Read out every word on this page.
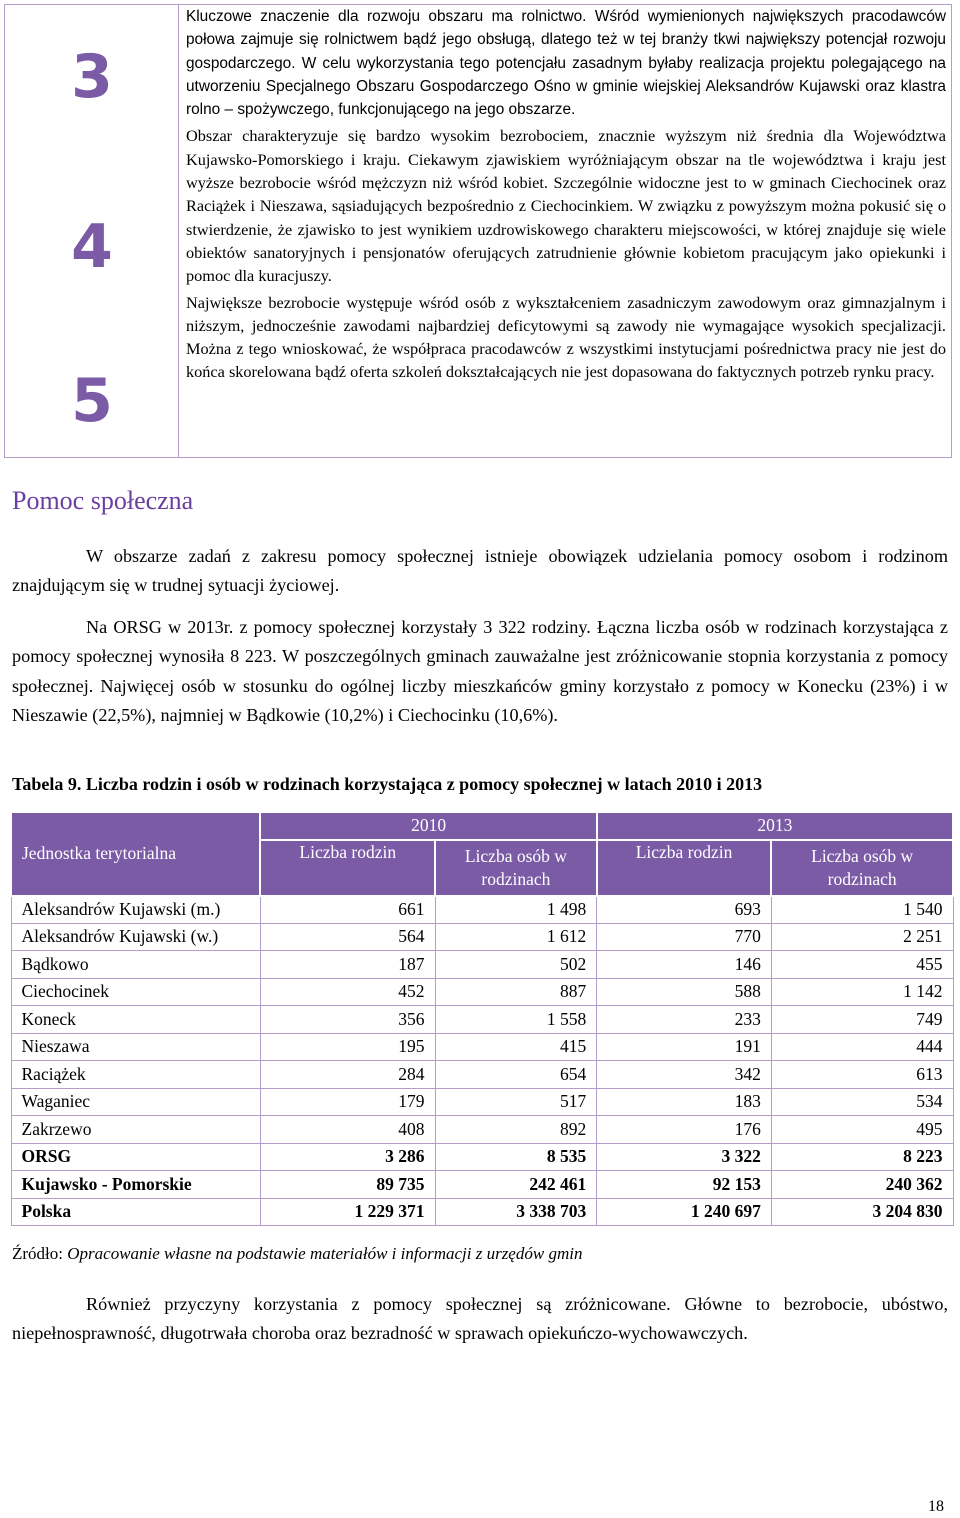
3
4
5

Kluczowe znaczenie dla rozwoju obszaru ma rolnictwo. Wśród wymienionych największych pracodawców połowa zajmuje się rolnictwem bądź jego obsługą, dlatego też w tej branży tkwi największy potencjał rozwoju gospodarczego. W celu wykorzystania tego potencjału zasadnym byłaby realizacja projektu polegającego na utworzeniu Specjalnego Obszaru Gospodarczego Ośno w gminie wiejskiej Aleksandrów Kujawski oraz klastra rolno – spożywczego, funkcjonującego na jego obszarze.

Obszar charakteryzuje się bardzo wysokim bezrobociem, znacznie wyższym niż średnia dla Województwa Kujawsko-Pomorskiego i kraju. Ciekawym zjawiskiem wyróżniającym obszar na tle województwa i kraju jest wyższe bezrobocie wśród mężczyzn niż wśród kobiet. Szczególnie widoczne jest to w gminach Ciechocinek oraz Raciążek i Nieszawa, sąsiadujących bezpośrednio z Ciechocinkiem. W związku z powyższym można pokusić się o stwierdzenie, że zjawisko to jest wynikiem uzdrowiskowego charakteru miejscowości, w której znajduje się wiele obiektów sanatoryjnych i pensjonatów oferujących zatrudnienie głównie kobietom pracującym jako opiekunki i pomoc dla kuracjuszy.

Największe bezrobocie występuje wśród osób z wykształceniem zasadniczym zawodowym oraz gimnazjalnym i niższym, jednocześnie zawodami najbardziej deficytowymi są zawody nie wymagające wysokich specjalizacji. Można z tego wnioskować, że współpraca pracodawców z wszystkimi instytucjami pośrednictwa pracy nie jest do końca skorelowana bądź oferta szkoleń dokształcających nie jest dopasowana do faktycznych potrzeb rynku pracy.

Pomoc społeczna
W obszarze zadań z zakresu pomocy społecznej istnieje obowiązek udzielania pomocy osobom i rodzinom znajdującym się w trudnej sytuacji życiowej.
Na ORSG w 2013r. z pomocy społecznej korzystały 3 322 rodziny. Łączna liczba osób w rodzinach korzystająca z pomocy społecznej wynosiła 8 223. W poszczególnych gminach zauważalne jest zróżnicowanie stopnia korzystania z pomocy społecznej. Najwięcej osób w stosunku do ogólnej liczby mieszkańców gminy korzystało z pomocy w Konecku (23%) i w Nieszawie (22,5%), najmniej w Bądkowie (10,2%) i Ciechocinku (10,6%).
Tabela 9. Liczba rodzin i osób w rodzinach korzystająca z pomocy społecznej w latach 2010 i 2013
Jednostka terytorialna	2010		2013	
	Liczba rodzin	Liczba osób w rodzinach	Liczba rodzin	Liczba osób w rodzinach
Aleksandrów Kujawski (m.)	661	1 498	693	1 540
Aleksandrów Kujawski (w.)	564	1 612	770	2 251
Bądkowo	187	502	146	455
Ciechocinek	452	887	588	1 142
Koneck	356	1 558	233	749
Nieszawa	195	415	191	444
Raciążek	284	654	342	613
Waganiec	179	517	183	534
Zakrzewo	408	892	176	495
ORSG	3 286	8 535	3 322	8 223
Kujawsko - Pomorskie	89 735	242 461	92 153	240 362
Polska	1 229 371	3 338 703	1 240 697	3 204 830
Źródło: Opracowanie własne na podstawie materiałów i informacji z urzędów gmin
Również przyczyny korzystania z pomocy społecznej są zróżnicowane. Główne to bezrobocie, ubóstwo, niepełnosprawność, długotrwała choroba oraz bezradność w sprawach opiekuńczo-wychowawczych.
18
